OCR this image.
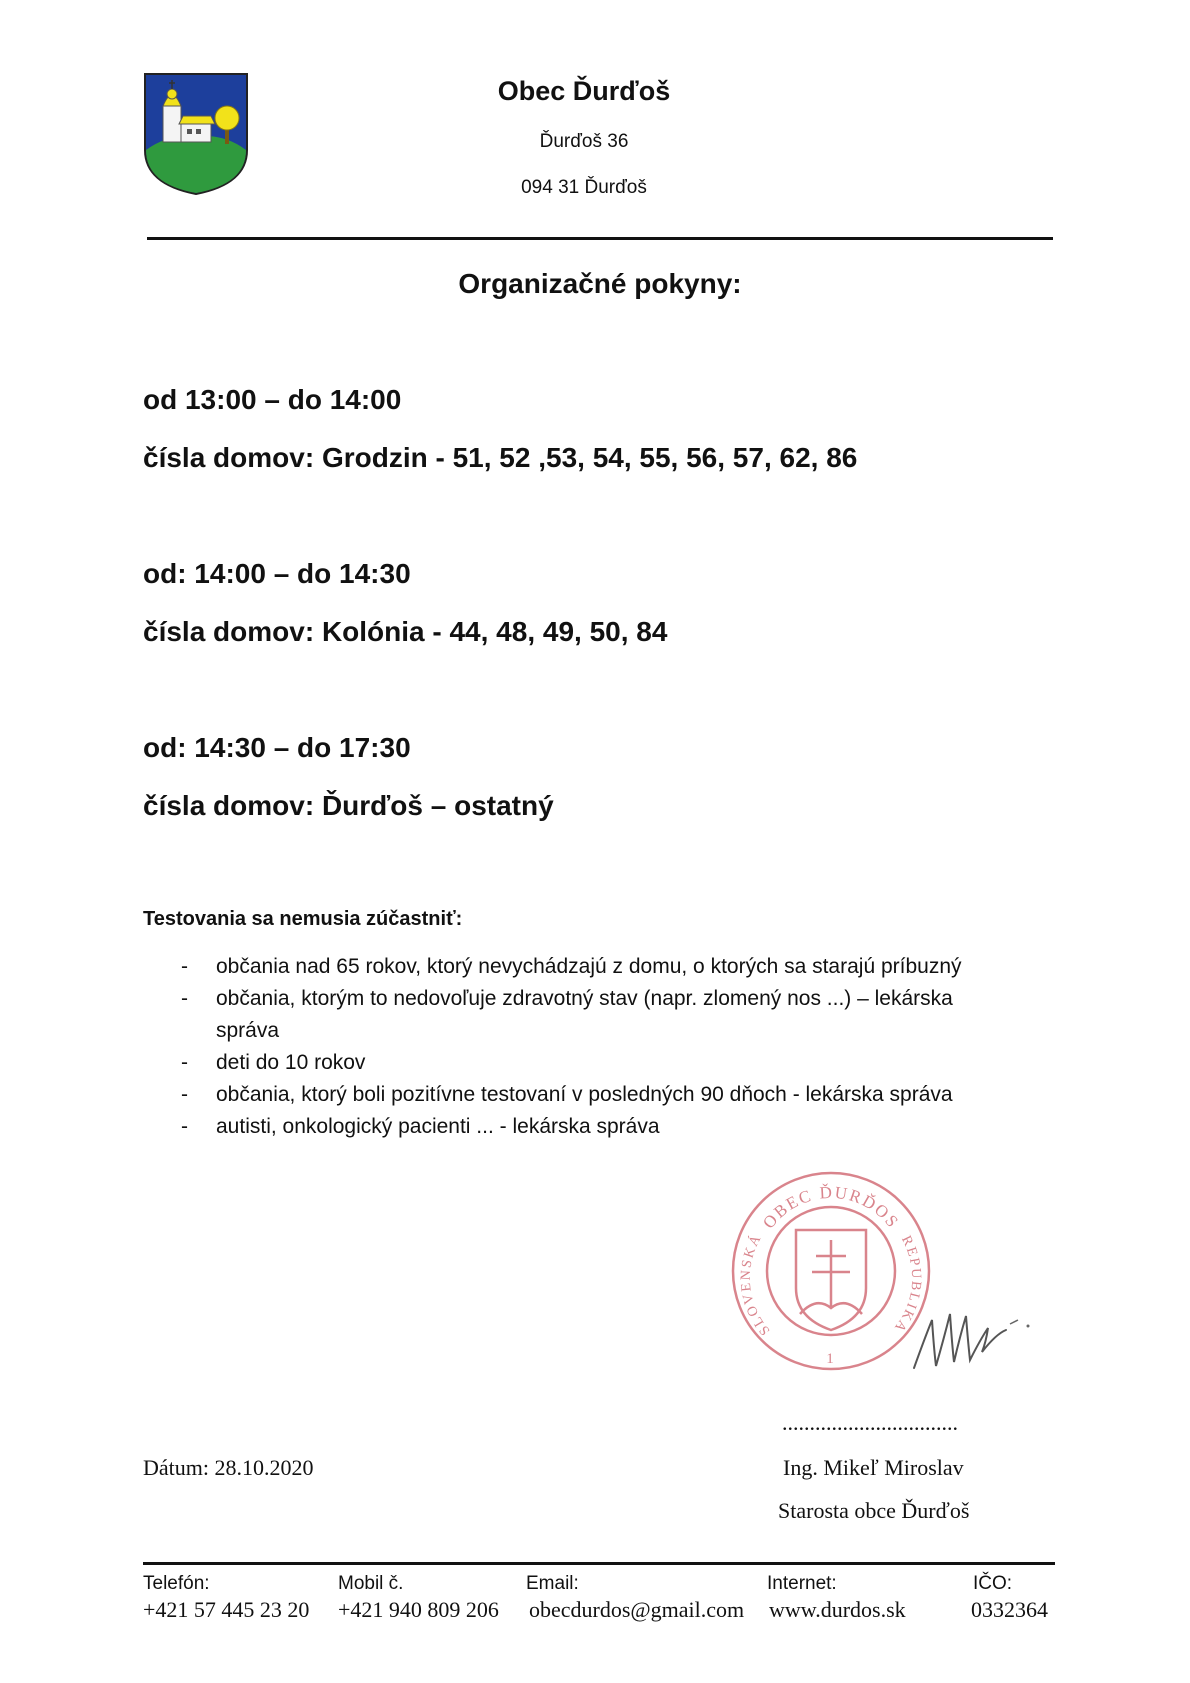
Obec Ďurďoš
Ďurďoš 36
094 31 Ďurďoš
Organizačné pokyny:
od 13:00 – do 14:00
čísla domov: Grodzin - 51, 52 ,53, 54, 55, 56, 57, 62, 86
od: 14:00 – do 14:30
čísla domov: Kolónia - 44, 48, 49, 50, 84
od: 14:30 – do 17:30
čísla domov: Ďurďoš – ostatný
Testovania sa nemusia zúčastniť:
- občania nad 65 rokov, ktorý nevychádzajú z domu, o ktorých sa starajú príbuzný
- občania, ktorým to nedovoľuje zdravotný stav (napr. zlomený nos ...) – lekárska
správa
- deti do 10 rokov
- občania, ktorý boli pozitívne testovaní v posledných 90 dňoch - lekárska správa
- autisti, onkologický pacienti ... - lekárska správa
OBEC ĎURĎOS
SLOVENSKÁ	REPUBLIKA
1
................................
Dátum: 28.10.2020	Ing. Mikeľ Miroslav
Starosta obce Ďurďoš
Telefón:
+421 57 445 23 20
Mobil č.
+421 940 809 206
Email:
obecdurdos@gmail.com
Internet:
www.durdos.sk
IČO:
0332364
